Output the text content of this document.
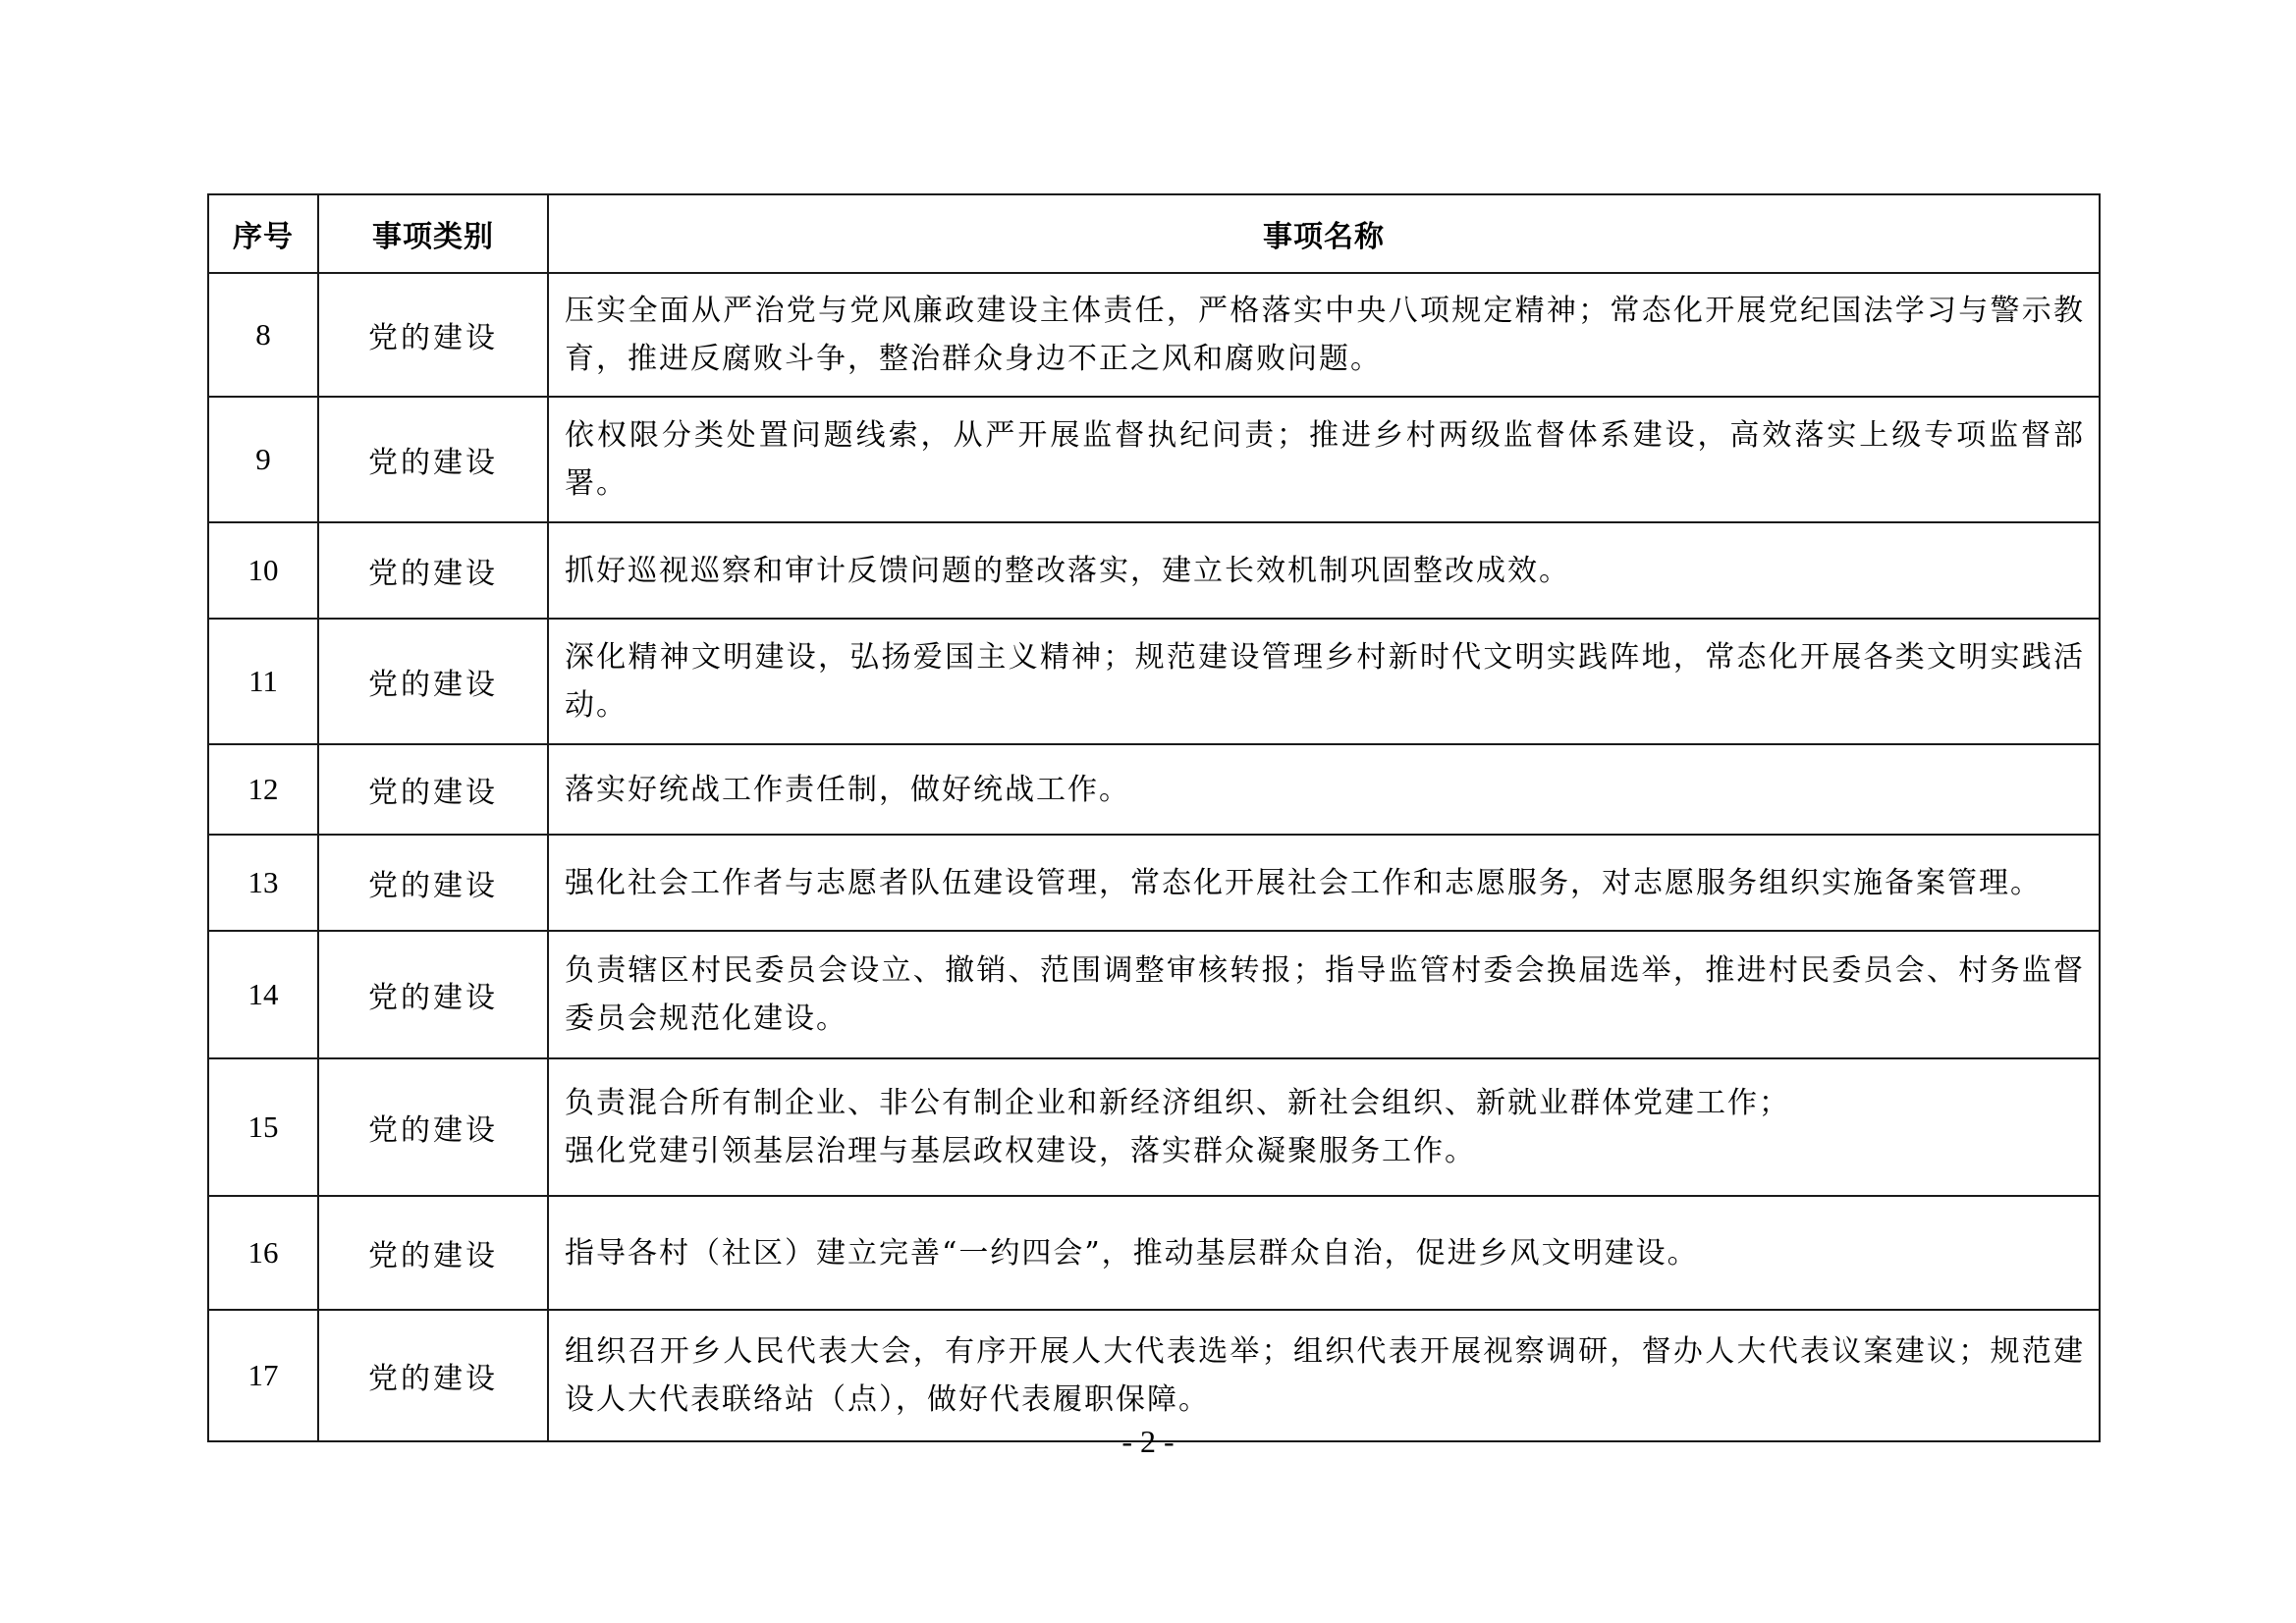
序号	事项类别	事项名称
8	党的建设	压实全面从严治党与党风廉政建设主体责任，严格落实中央八项规定精神；常态化开展党纪国法学习与警示教育，推进反腐败斗争，整治群众身边不正之风和腐败问题。

9	党的建设	依权限分类处置问题线索，从严开展监督执纪问责；推进乡村两级监督体系建设，高效落实上级专项监督部署。

10	党的建设	抓好巡视巡察和审计反馈问题的整改落实，建立长效机制巩固整改成效。

11	党的建设	深化精神文明建设，弘扬爱国主义精神；规范建设管理乡村新时代文明实践阵地，常态化开展各类文明实践活动。

12	党的建设	落实好统战工作责任制，做好统战工作。

13	党的建设	强化社会工作者与志愿者队伍建设管理，常态化开展社会工作和志愿服务，对志愿服务组织实施备案管理。

14	党的建设	负责辖区村民委员会设立、撤销、范围调整审核转报；指导监管村委会换届选举，推进村民委员会、村务监督委员会规范化建设。

15	党的建设	负责混合所有制企业、非公有制企业和新经济组织、新社会组织、新就业群体党建工作；
强化党建引领基层治理与基层政权建设，落实群众凝聚服务工作。

16	党的建设	指导各村（社区）建立完善“一约四会”，推动基层群众自治，促进乡风文明建设。

17	党的建设	组织召开乡人民代表大会，有序开展人大代表选举；组织代表开展视察调研，督办人大代表议案建议；规范建设人大代表联络站（点），做好代表履职保障。
- 2 -
